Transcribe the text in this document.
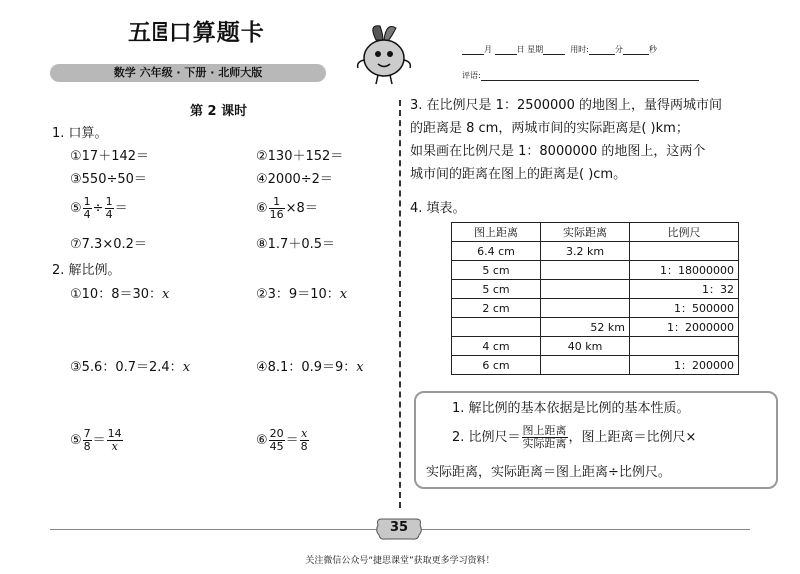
五E口算题卡
数学 六年级 · 下册 · 北师大版
月	日 星期	用时:	分	秒
评语:
第 2 课时
1. 口算。
①17＋142＝	②130＋152＝
③550÷50＝	④2000÷2＝
⑤ $\frac{1}{4} \div \frac{1}{4}$ ＝	⑥ $\frac{1}{16} \times 8=$
⑦7.3×0.2＝	⑧1.7＋0.5＝
2. 解比例。
①10：8＝30：x	②3：9＝10：x
③5.6：0.7＝2.4：x	④8.1：0.9＝9：x
⑤ $\frac{7}{8} = \frac{14}{x}$	⑥ $\frac{20}{45} = \frac{x}{8}$
3. 在比例尺是 1：2500000 的地图上，量得两城市间
的距离是 8 cm，两城市间的实际距离是( )km；
如果画在比例尺是 1：8000000 的地图上，这两个
城市间的距离在图上的距离是( )cm。
4. 填表。
图上距离	实际距离	比例尺
6.4 cm	3.2 km	
5 cm		1：18000000
5 cm		1：32
2 cm		1：500000
	52 km	1：2000000
4 cm	40 km	
6 cm		1：200000
1. 解比例的基本依据是比例的基本性质。
2. 比例尺＝ $\frac{\text{图上距离}}{\text{实际距离}}$ ，图上距离＝比例尺×
实际距离，实际距离＝图上距离÷比例尺。
35
关注微信公众号“捷思课堂”获取更多学习资料！
